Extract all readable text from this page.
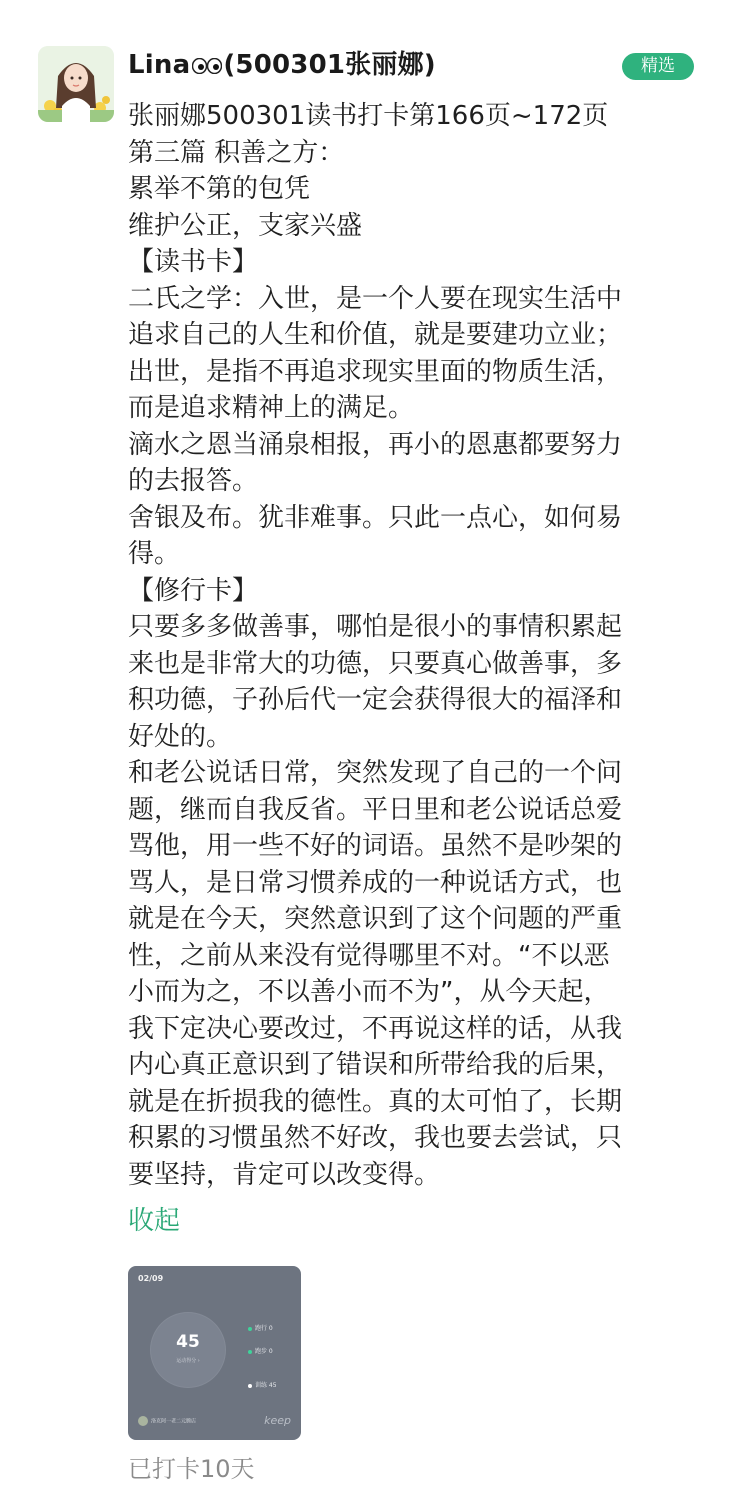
Lina (500301张丽娜)	精选

张丽娜500301读书打卡第166页~172页

第三篇 积善之方：

累举不第的包凭

维护公正，支家兴盛

【读书卡】

二氏之学：入世，是一个人要在现实生活中

追求自己的人生和价值，就是要建功立业；

出世，是指不再追求现实里面的物质生活，

而是追求精神上的满足。

滴水之恩当涌泉相报，再小的恩惠都要努力

的去报答。

舍银及布。犹非难事。只此一点心，如何易

得。

【修行卡】

只要多多做善事，哪怕是很小的事情积累起

来也是非常大的功德，只要真心做善事，多

积功德，子孙后代一定会获得很大的福泽和

好处的。

和老公说话日常，突然发现了自己的一个问

题，继而自我反省。平日里和老公说话总爱

骂他，用一些不好的词语。虽然不是吵架的

骂人，是日常习惯养成的一种说话方式，也

就是在今天，突然意识到了这个问题的严重

性，之前从来没有觉得哪里不对。“不以恶

小而为之，不以善小而不为”，从今天起，

我下定决心要改过，不再说这样的话，从我

内心真正意识到了错误和所带给我的后果，

就是在折损我的德性。真的太可怕了，长期

积累的习惯虽然不好改，我也要去尝试，只

要坚持，肯定可以改变得。

收起
02/09
45
运动得分 ›
跑行 0
跑步 0
训练 45
洛克阿一老二元腾店	keep
已打卡10天
